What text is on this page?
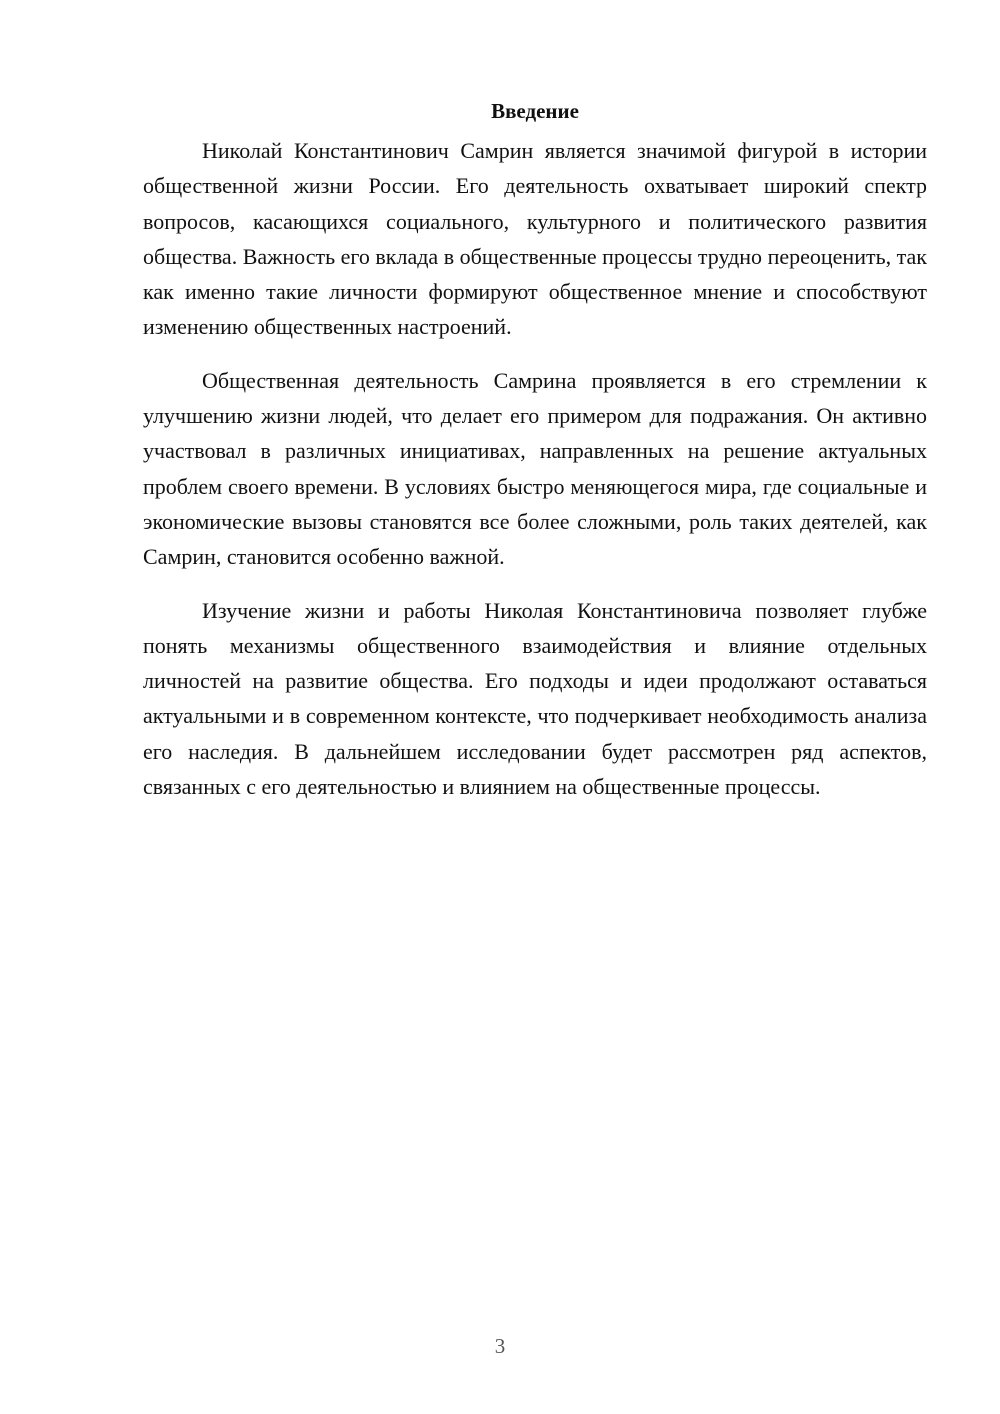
Введение

Николай Константинович Самрин является значимой фигурой в истории общественной жизни России. Его деятельность охватывает широкий спектр вопросов, касающихся социального, культурного и политического развития общества. Важность его вклада в общественные процессы трудно переоценить, так как именно такие личности формируют общественное мнение и способствуют изменению общественных настроений.

Общественная деятельность Самрина проявляется в его стремлении к улучшению жизни людей, что делает его примером для подражания. Он активно участвовал в различных инициативах, направленных на решение актуальных проблем своего времени. В условиях быстро меняющегося мира, где социальные и экономические вызовы становятся все более сложными, роль таких деятелей, как Самрин, становится особенно важной.

Изучение жизни и работы Николая Константиновича позволяет глубже понять механизмы общественного взаимодействия и влияние отдельных личностей на развитие общества. Его подходы и идеи продолжают оставаться актуальными и в современном контексте, что подчеркивает необходимость анализа его наследия. В дальнейшем исследовании будет рассмотрен ряд аспектов, связанных с его деятельностью и влиянием на общественные процессы.

3
